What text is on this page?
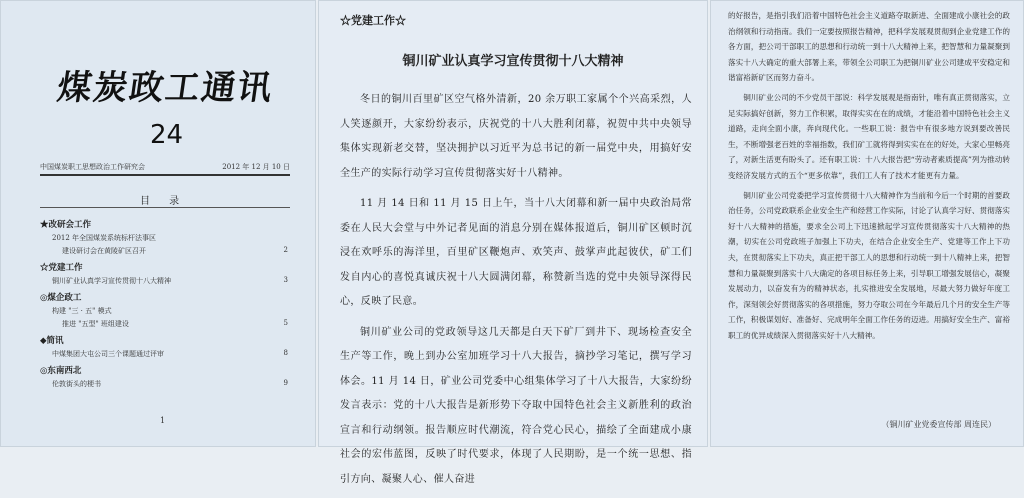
煤炭政工通讯
24
中国煤炭职工思想政治工作研究会	2012 年 12 月 10 日
目 录
★改研会工作
2012 年全国煤炭系统标杆法事区
建设研讨会在黄陵矿区召开	2
☆党建工作
铜川矿业认真学习宣传贯彻十八大精神	3
◎煤企政工
构建 "三 · 五" 模式
推进 "五型" 班组建设	5
◆简讯
中煤集团大屯公司三个课题通过评审	8
◎东南西北
伦敦街头的梗书	9
1
☆党建工作☆
铜川矿业认真学习宣传贯彻十八大精神

冬日的铜川百里矿区空气格外清新，20 余万职工家属个个兴高采烈，人人笑逐颜开，大家纷纷表示，庆祝党的十八大胜利闭幕，祝贺中共中央领导集体实现新老交替，坚决拥护以习近平为总书记的新一届党中央，用搞好安全生产的实际行动学习宣传贯彻落实好十八精神。

11 月 14 日和 11 月 15 日上午，当十八大闭幕和新一届中央政治局常委在人民大会堂与中外记者见面的消息分别在媒体报道后，铜川矿区顿时沉浸在欢呼乐的海洋里，百里矿区鞭炮声、欢笑声、鼓掌声此起彼伏，矿工们发自内心的喜悦真诚庆祝十八大圆满闭幕，称赞新当选的党中央领导深得民心，反映了民意。

铜川矿业公司的党政领导这几天都是白天下矿厂到井下、现场检查安全生产等工作，晚上到办公室加班学习十八大报告，摘抄学习笔记，撰写学习体会。11 月 14 日，矿业公司党委中心组集体学习了十八大报告，大家纷纷发言表示：党的十八大报告是新形势下夺取中国特色社会主义新胜利的政治宣言和行动纲领。报告顺应时代潮流，符合党心民心，描绘了全面建成小康社会的宏伟蓝图，反映了时代要求，体现了人民期盼，是一个统一思想、指引方向、凝聚人心、催人奋进

的好报告，是指引我们沿着中国特色社会主义道路夺取新进、全面建成小康社会的政治纲领和行动指南。我们一定要按照报告精神，把科学发展观贯彻到企业党建工作的各方面，把公司干部职工的思想和行动统一到十八大精神上来，把智慧和力量凝聚到落实十八大确定的重大部署上来，带领全公司职工为把铜川矿业公司建成平安稳定和谐富裕新矿区而努力奋斗。

铜川矿业公司的不少党员干部说：科学发展观是指南针，唯有真正贯彻落实，立足实际搞好创新，努力工作积累，取得实实在在的成绩，才能沿着中国特色社会主义道路，走向全面小康，奔向现代化。一些职工说：报告中有很多地方说到要改善民生，不断增强老百姓的幸福指数，我们矿工就将得到实实在在的好处，大家心里畅亮了，对新生活更有盼头了。还有职工说：十八大报告把“劳动者素质提高”列为推动转变经济发展方式的五个“更多依靠”，我们工人有了技术才能更有力量。

铜川矿业公司党委把学习宣传贯彻十八大精神作为当前和今后一个时期的首要政治任务，公司党政联系企业安全生产和经营工作实际，讨论了认真学习好、贯彻落实好十八大精神的措施，要求全公司上下迅速掀起学习宣传贯彻落实十八大精神的热潮，切实在公司党政班子加强上下功夫，在结合企业安全生产、党建等工作上下功夫，在贯彻落实上下功夫，真正把干部工人的思想和行动统一到十八精神上来，把智慧和力量凝聚到落实十八大确定的各项目标任务上来，引导职工增强发展信心，凝聚发展动力，以奋发有为的精神状态，扎实推进安全发展地，尽最大努力做好年度工作，深刻领会好贯彻落实的各项措施，努力夺取公司在今年最后几个月的安全生产等工作，积极谋划好、准备好、完成明年全面工作任务的迈进。用搞好安全生产、富裕职工的优异成绩深入贯彻落实好十八大精神。

（铜川矿业党委宣传部 周连民）
